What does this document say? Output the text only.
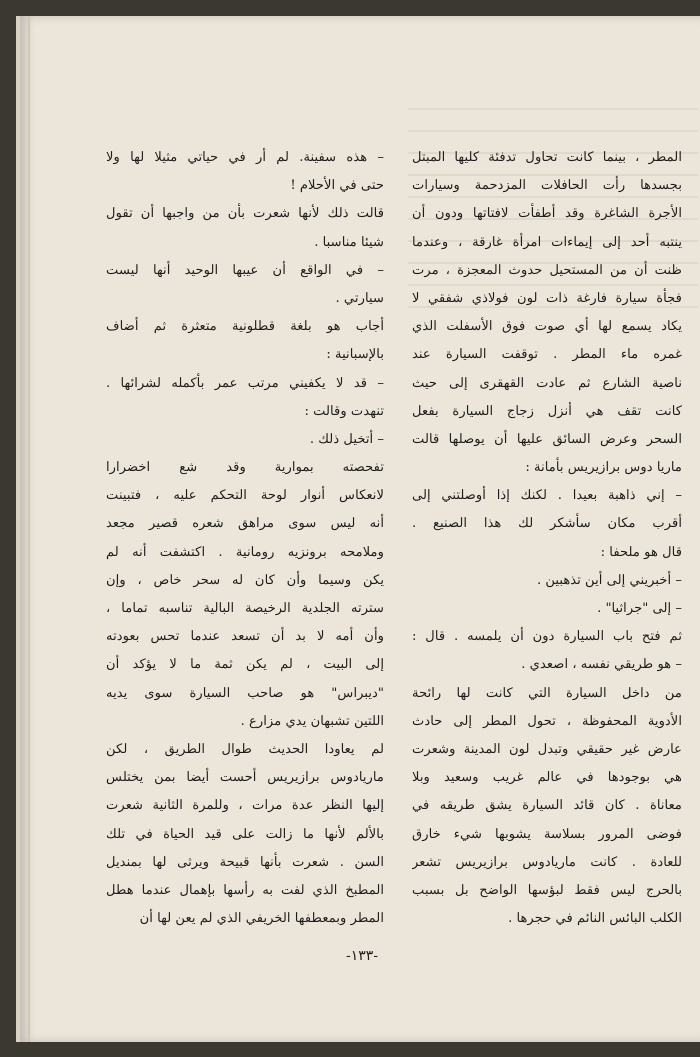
المطر ، بينما كانت تحاول تدفئة كليها المبتل
بجسدها رأت الحافلات المزدحمة وسيارات
الأجرة الشاغرة وقد أطفأت لافتاتها ودون أن
ينتبه أحد إلى إيماءات امرأة غارقة ، وعندما
ظنت أن من المستحيل حدوث المعجزة ، مرت
فجأة سيارة فارغة ذات لون فولاذي شفقي لا
يكاد يسمع لها أي صوت فوق الأسفلت الذي
غمره ماء المطر . توقفت السيارة عند
ناصية الشارع ثم عادت القهقرى إلى حيث
كانت تقف هي أنزل زجاج السيارة بفعل
السحر وعرض السائق عليها أن يوصلها قالت
ماريا دوس برازيريس بأمانة :
– إني ذاهبة بعيدا . لكنك إذا أوصلتني إلى
أقرب مكان سأشكر لك هذا الصنيع .
قال هو ملحفا :
– أخبريني إلى أين تذهبين .
– إلى "جراثيا" .
ثم فتح باب السيارة دون أن يلمسه . قال :
– هو طريقي نفسه ، اصعدي .
من داخل السيارة التي كانت لها رائحة
الأدوية المحفوظة ، تحول المطر إلى حادث
عارض غير حقيقي وتبدل لون المدينة وشعرت
هي بوجودها في عالم غريب وسعيد وبلا
معاناة . كان قائد السيارة يشق طريقه في
فوضى المرور بسلاسة يشوبها شيء خارق
للعادة . كانت ماريادوس برازيريس تشعر
بالحرج ليس فقط لبؤسها الواضح بل بسبب
الكلب البائس النائم في حجرها .
– هذه سفينة. لم أر في حياتي مثيلا لها ولا
حتى في الأحلام !
قالت ذلك لأنها شعرت بأن من واجبها أن تقول
شيئا مناسبا .
– في الواقع أن عيبها الوحيد أنها ليست
سيارتي .
أجاب هو بلغة قطلونية متعثرة ثم أضاف
بالإسبانية :
– قد لا يكفيني مرتب عمر بأكمله لشرائها .
تنهدت وقالت :
– أتخيل ذلك .
تفحصته بموارية وقد شع اخضرارا
لانعكاس أنوار لوحة التحكم عليه ، فتبينت
أنه ليس سوى مراهق شعره قصير مجعد
وملامحه برونزيه رومانية . اكتشفت أنه لم
يكن وسيما وأن كان له سحر خاص ، وإن
سترته الجلدية الرخيصة البالية تناسبه تماما ،
وأن أمه لا بد أن تسعد عندما تحس بعودته
إلى البيت ، لم يكن ثمة ما لا يؤكد أن
"ديبراس" هو صاحب السيارة سوى يديه
اللتين تشبهان يدي مزارع .
لم يعاودا الحديث طوال الطريق ، لكن
ماريادوس برازيريس أحست أيضا بمن يختلس
إليها النظر عدة مرات ، وللمرة الثانية شعرت
بالألم لأنها ما زالت على قيد الحياة في تلك
السن . شعرت بأنها قبيحة ويرثى لها بمنديل
المطبخ الذي لفت به رأسها بإهمال عندما هطل
المطر وبمعطفها الخريفي الذي لم يعن لها أن
-١٣٣-
